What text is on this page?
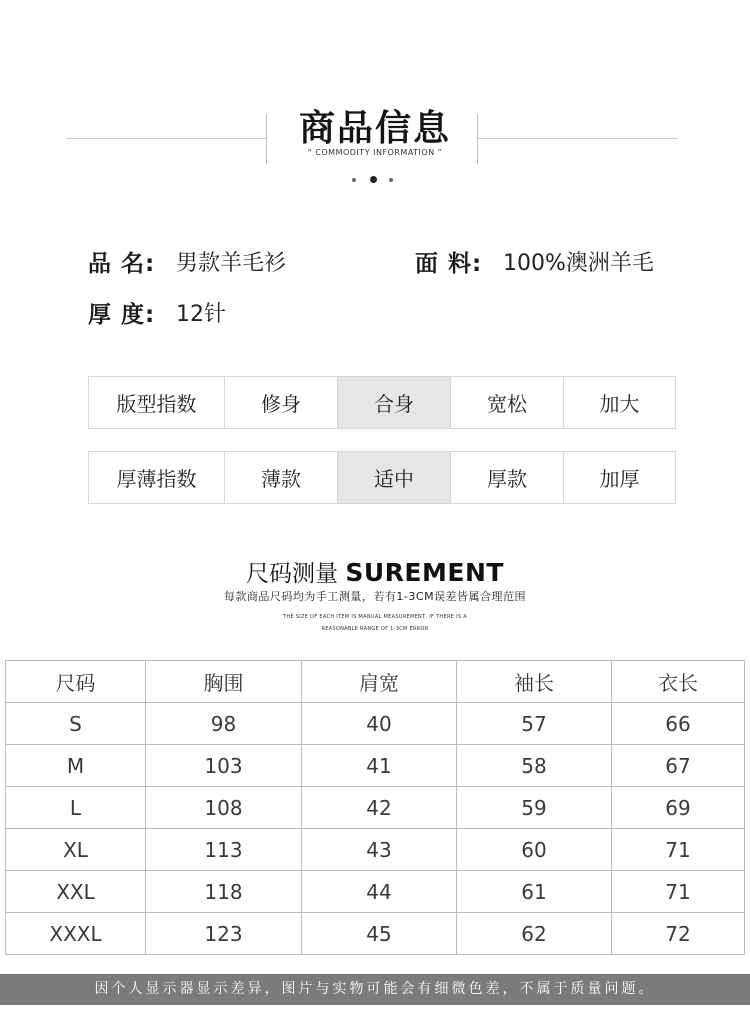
商品信息
“ COMMODITY INFORMATION ”
品 名: 男款羊毛衫	面 料: 100%澳洲羊毛
厚 度: 12针
版型指数	修身	合身	宽松	加大
厚薄指数	薄款	适中	厚款	加厚
尺码测量 SUREMENT
每款商品尺码均为手工测量，若有1-3CM误差皆属合理范围
THE SIZE OF EACH ITEM IS MANUAL MEASUREMENT, IF THERE IS A
REASONABLE RANGE OF 1-3CM ERROR
尺码	胸围	肩宽	袖长	衣长
S	98	40	57	66
M	103	41	58	67
L	108	42	59	69
XL	113	43	60	71
XXL	118	44	61	71
XXXL	123	45	62	72
因个人显示器显示差异，图片与实物可能会有细微色差，不属于质量问题。
